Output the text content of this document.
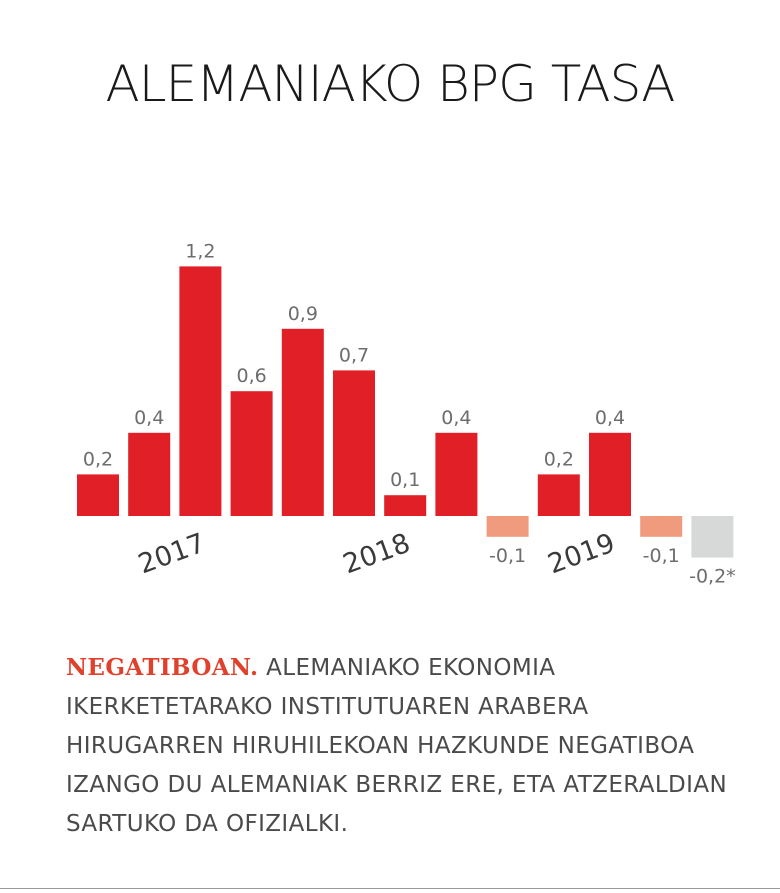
ALEMANIAKO BPG TASA
0,2
0,4
1,2
0,6
0,9
0,7
0,1
0,4
-0,1
0,2
0,4
-0,1
-0,2*
2017	2018	2019

NEGATIBOAN. ALEMANIAKO EKONOMIA IKERKETETARAKO INSTITUTUAREN ARABERA HIRUGARREN HIRUHILEKOAN HAZKUNDE NEGATIBOA IZANGO DU ALEMANIAK BERRIZ ERE, ETA ATZERALDIAN SARTUKO DA OFIZIALKI.
